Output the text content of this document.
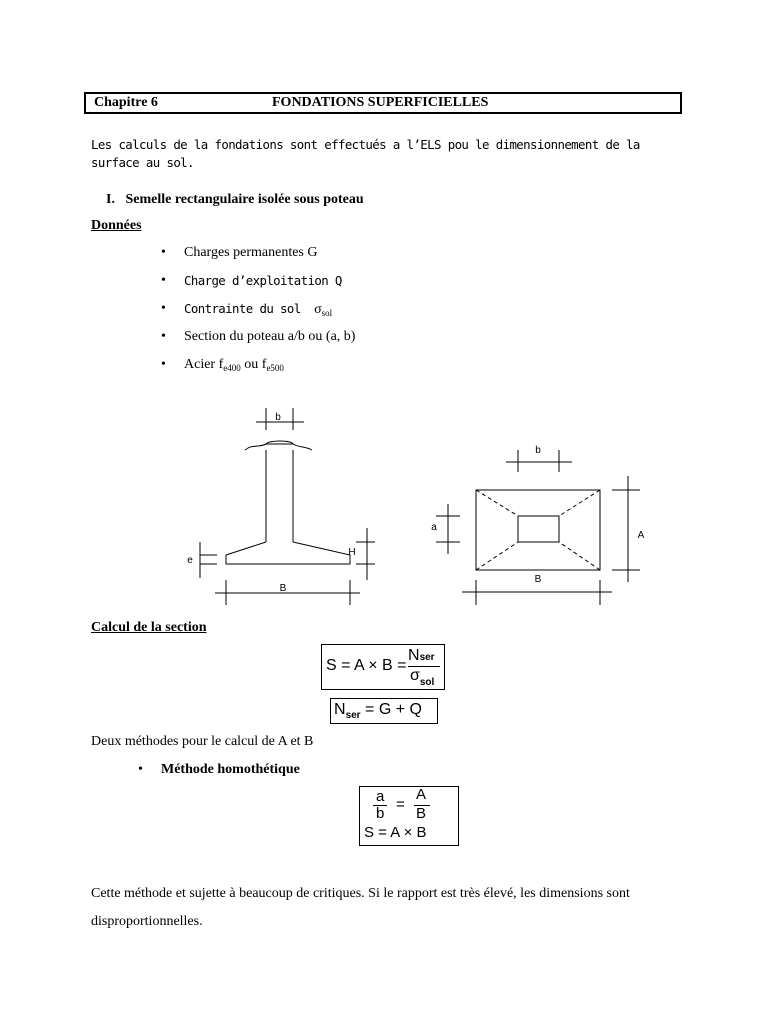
Chapitre 6	FONDATIONS SUPERFICIELLES
Les calculs de la fondations sont effectués a l’ELS pou le dimensionnement de la surface au sol.
I. Semelle rectangulaire isolée sous poteau
Données
• Charges permanentes G
• Charge d’exploitation Q
• Contrainte du sol $\sigma_{sol}$
• Section du poteau a/b ou (a, b)
• Acier $f_{e400}$ ou $f_{e500}$
b
e
H
B
b
a
A
B
Calcul de la section
S = A × B =
Nser
$\sigma_{sol}$
$N_{ser} = G + Q$
Deux méthodes pour le calcul de A et B
• Méthode homothétique
a
b
=
A
B
S = A × B
Cette méthode et sujette à beaucoup de critiques. Si le rapport est très élevé, les dimensions sont disproportionnelles.
